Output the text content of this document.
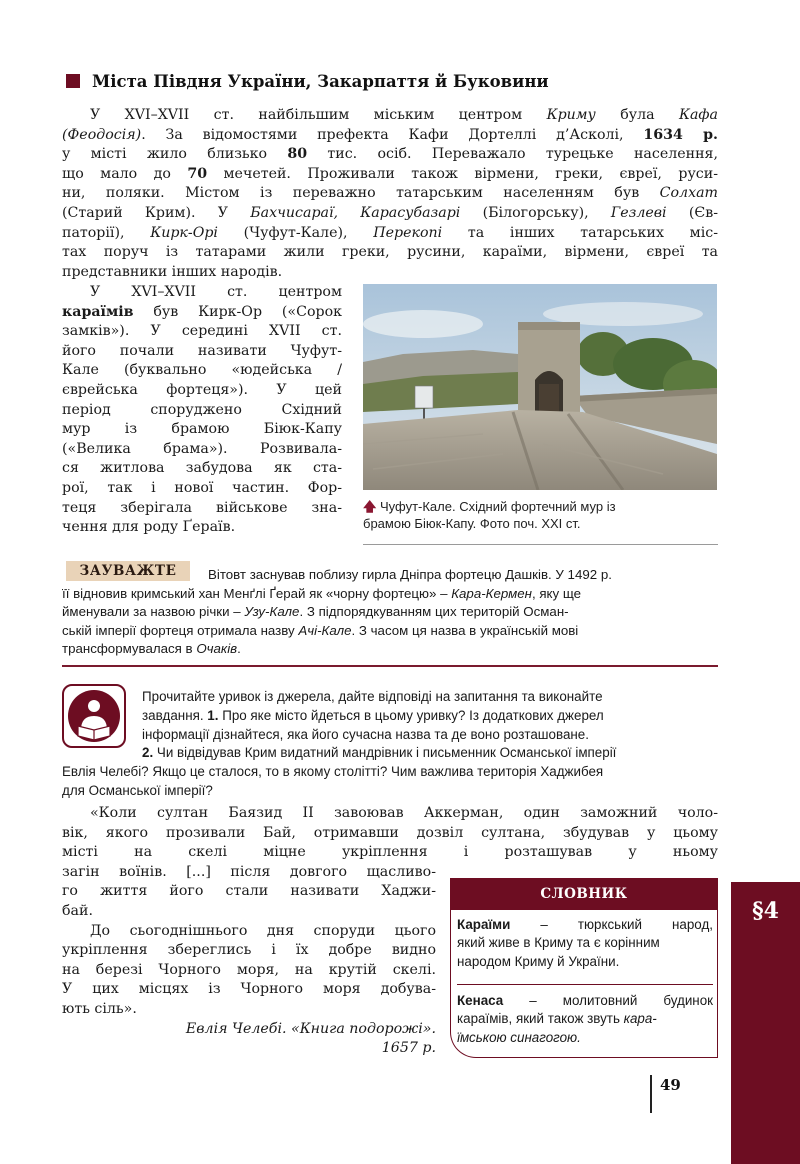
Міста Півдня України, Закарпаття й Буковини
У XVI–XVII ст. найбільшим міським центром Криму була Кафа
(Феодосія). За відомостями префекта Кафи Дортеллі д’Асколі, 1634 р.
у місті жило близько 80 тис. осіб. Переважало турецьке населення,
що мало до 70 мечетей. Проживали також вірмени, греки, євреї, руси-
ни, поляки. Містом із переважно татарським населенням був Солхат
(Старий Крим). У Бахчисараї, Карасубазарі (Білогорську), Гезлеві (Єв-
паторії), Кирк-Орі (Чуфут-Кале), Перекопі та інших татарських міс-
тах поруч із татарами жили греки, русини, караїми, вірмени, євреї та
представники інших народів.
У XVI–XVII ст. центром
караїмів був Кирк-Ор («Сорок
замків»). У середині XVII ст.
його почали називати Чуфут-
Кале (буквально «юдейська /
єврейська фортеця»). У цей
період споруджено Східний
мур із брамою Біюк-Капу
(«Велика брама»). Розвивала-
ся житлова забудова як ста-
рої, так і нової частин. Фор-
теця зберігала військове зна-
чення для роду Ґераїв.
🡅 Чуфут-Кале. Східний фортечний мур із
брамою Біюк-Капу. Фото поч. XXI ст.
Вітовт заснував поблизу гирла Дніпра фортецю Дашків. У 1492 р.
її відновив кримський хан Менґлі Ґерай як «чорну фортецю» – Кара-Кермен, яку ще
йменували за назвою річки – Узу-Кале. З підпорядкуванням цих територій Осман-
ській імперії фортеця отримала назву Ачі-Кале. З часом ця назва в українській мові
трансформувалася в Очаків.
ЗАУВАЖТЕ
Прочитайте уривок із джерела, дайте відповіді на запитання та виконайте
завдання. 1. Про яке місто йдеться в цьому уривку? Із додаткових джерел
інформації дізнайтеся, яка його сучасна назва та де воно розташоване.
2. Чи відвідував Крим видатний мандрівник і письменник Османської імперії
Евлія Челебі? Якщо це сталося, то в якому столітті? Чим важлива територія Хаджибея
для Османської імперії?
«Коли султан Баязид II завоював Аккерман, один заможний чоло-
вік, якого прозивали Бай, отримавши дозвіл султана, збудував у цьому
місті на скелі міцне укріплення і розташував у ньому
загін воїнів. [...] після довгого щасливо-
го життя його стали називати Хаджи-
бай.
До сьогоднішнього дня споруди цього
укріплення збереглись і їх добре видно
на березі Чорного моря, на крутій скелі.
У цих місцях із Чорного моря добува-
ють сіль».
Евлія Челебі. «Книга подорожі».
1657 р.
СЛОВНИК
Караїми – тюркський народ,
який живе в Криму та є корінним
народом Криму й України.
Кенаса – молитовний будинок
караїмів, який також звуть кара-
їмською синагогою.
49
§4
